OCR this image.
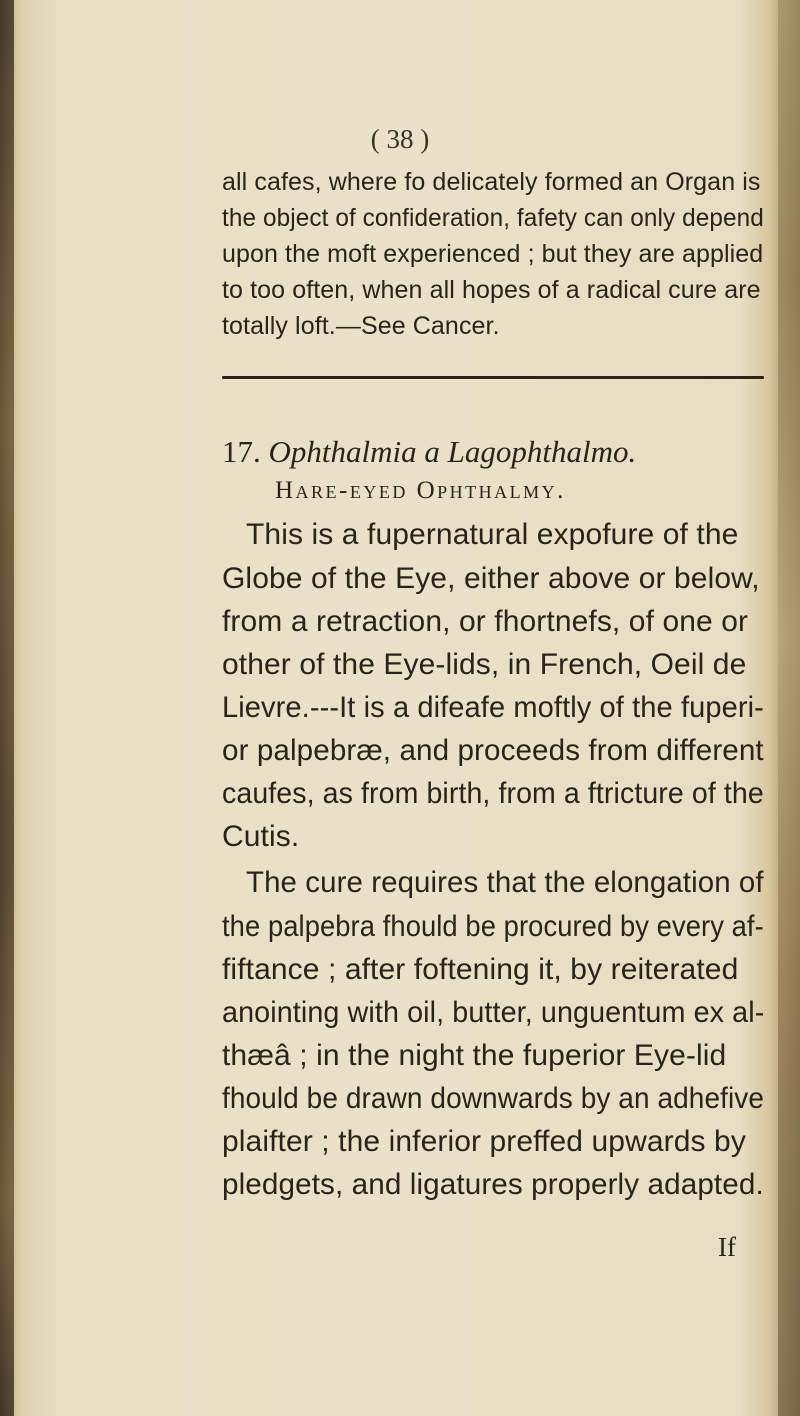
( 38 )
all cafes, where fo delicately formed an Organ is
the object of confideration, fafety can only depend
upon the moft experienced ; but they are applied
to too often, when all hopes of a radical cure are
totally loft.—See Cancer.
17. Ophthalmia a Lagophthalmo.
Hare-eyed Ophthalmy.
This is a fupernatural expofure of the
Globe of the Eye, either above or below,
from a retraction, or fhortnefs, of one or
other of the Eye-lids, in French, Oeil de
Lievre.---It is a difeafe moftly of the fuperi-
or palpebræ, and proceeds from different
caufes, as from birth, from a ftricture of the
Cutis.
The cure requires that the elongation of
the palpebra fhould be procured by every af-
fiftance ; after foftening it, by reiterated
anointing with oil, butter, unguentum ex al-
thæâ ; in the night the fuperior Eye-lid
fhould be drawn downwards by an adhefive
plaifter ; the inferior preffed upwards by
pledgets, and ligatures properly adapted.
If
